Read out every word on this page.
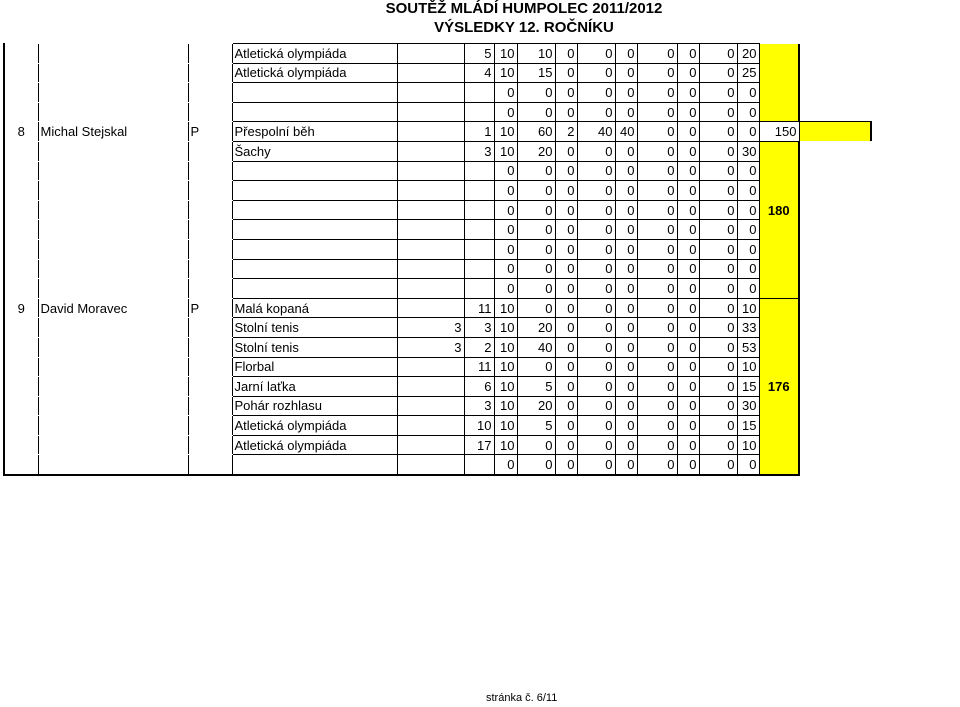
SOUTĚŽ MLÁDÍ HUMPOLEC 2011/2012
VÝSLEDKY 12. ROČNÍKU
			Atletická olympiáda		5	10	10	0	0	0	0	0	0	20		
			Atletická olympiáda		4	10	15	0	0	0	0	0	0	25		
						0	0	0	0	0	0	0	0	0		
						0	0	0	0	0	0	0	0	0		
8	Michal Stejskal	P	Přespolní běh		1	10	60	2	40	40	0	0	0	0	150	
			Šachy		3	10	20	0	0	0	0	0	0	30		
						0	0	0	0	0	0	0	0	0		
						0	0	0	0	0	0	0	0	0		
						0	0	0	0	0	0	0	0	0	180	
						0	0	0	0	0	0	0	0	0		
						0	0	0	0	0	0	0	0	0		
						0	0	0	0	0	0	0	0	0		
						0	0	0	0	0	0	0	0	0		
9	David Moravec	P	Malá kopaná		11	10	0	0	0	0	0	0	0	10		
			Stolní tenis	3	3	10	20	0	0	0	0	0	0	33		
			Stolní tenis	3	2	10	40	0	0	0	0	0	0	53		
			Florbal		11	10	0	0	0	0	0	0	0	10		
			Jarní laťka		6	10	5	0	0	0	0	0	0	15	176	
			Pohár rozhlasu		3	10	20	0	0	0	0	0	0	30		
			Atletická olympiáda		10	10	5	0	0	0	0	0	0	15		
			Atletická olympiáda		17	10	0	0	0	0	0	0	0	10		
						0	0	0	0	0	0	0	0	0		
stránka č. 6/11
